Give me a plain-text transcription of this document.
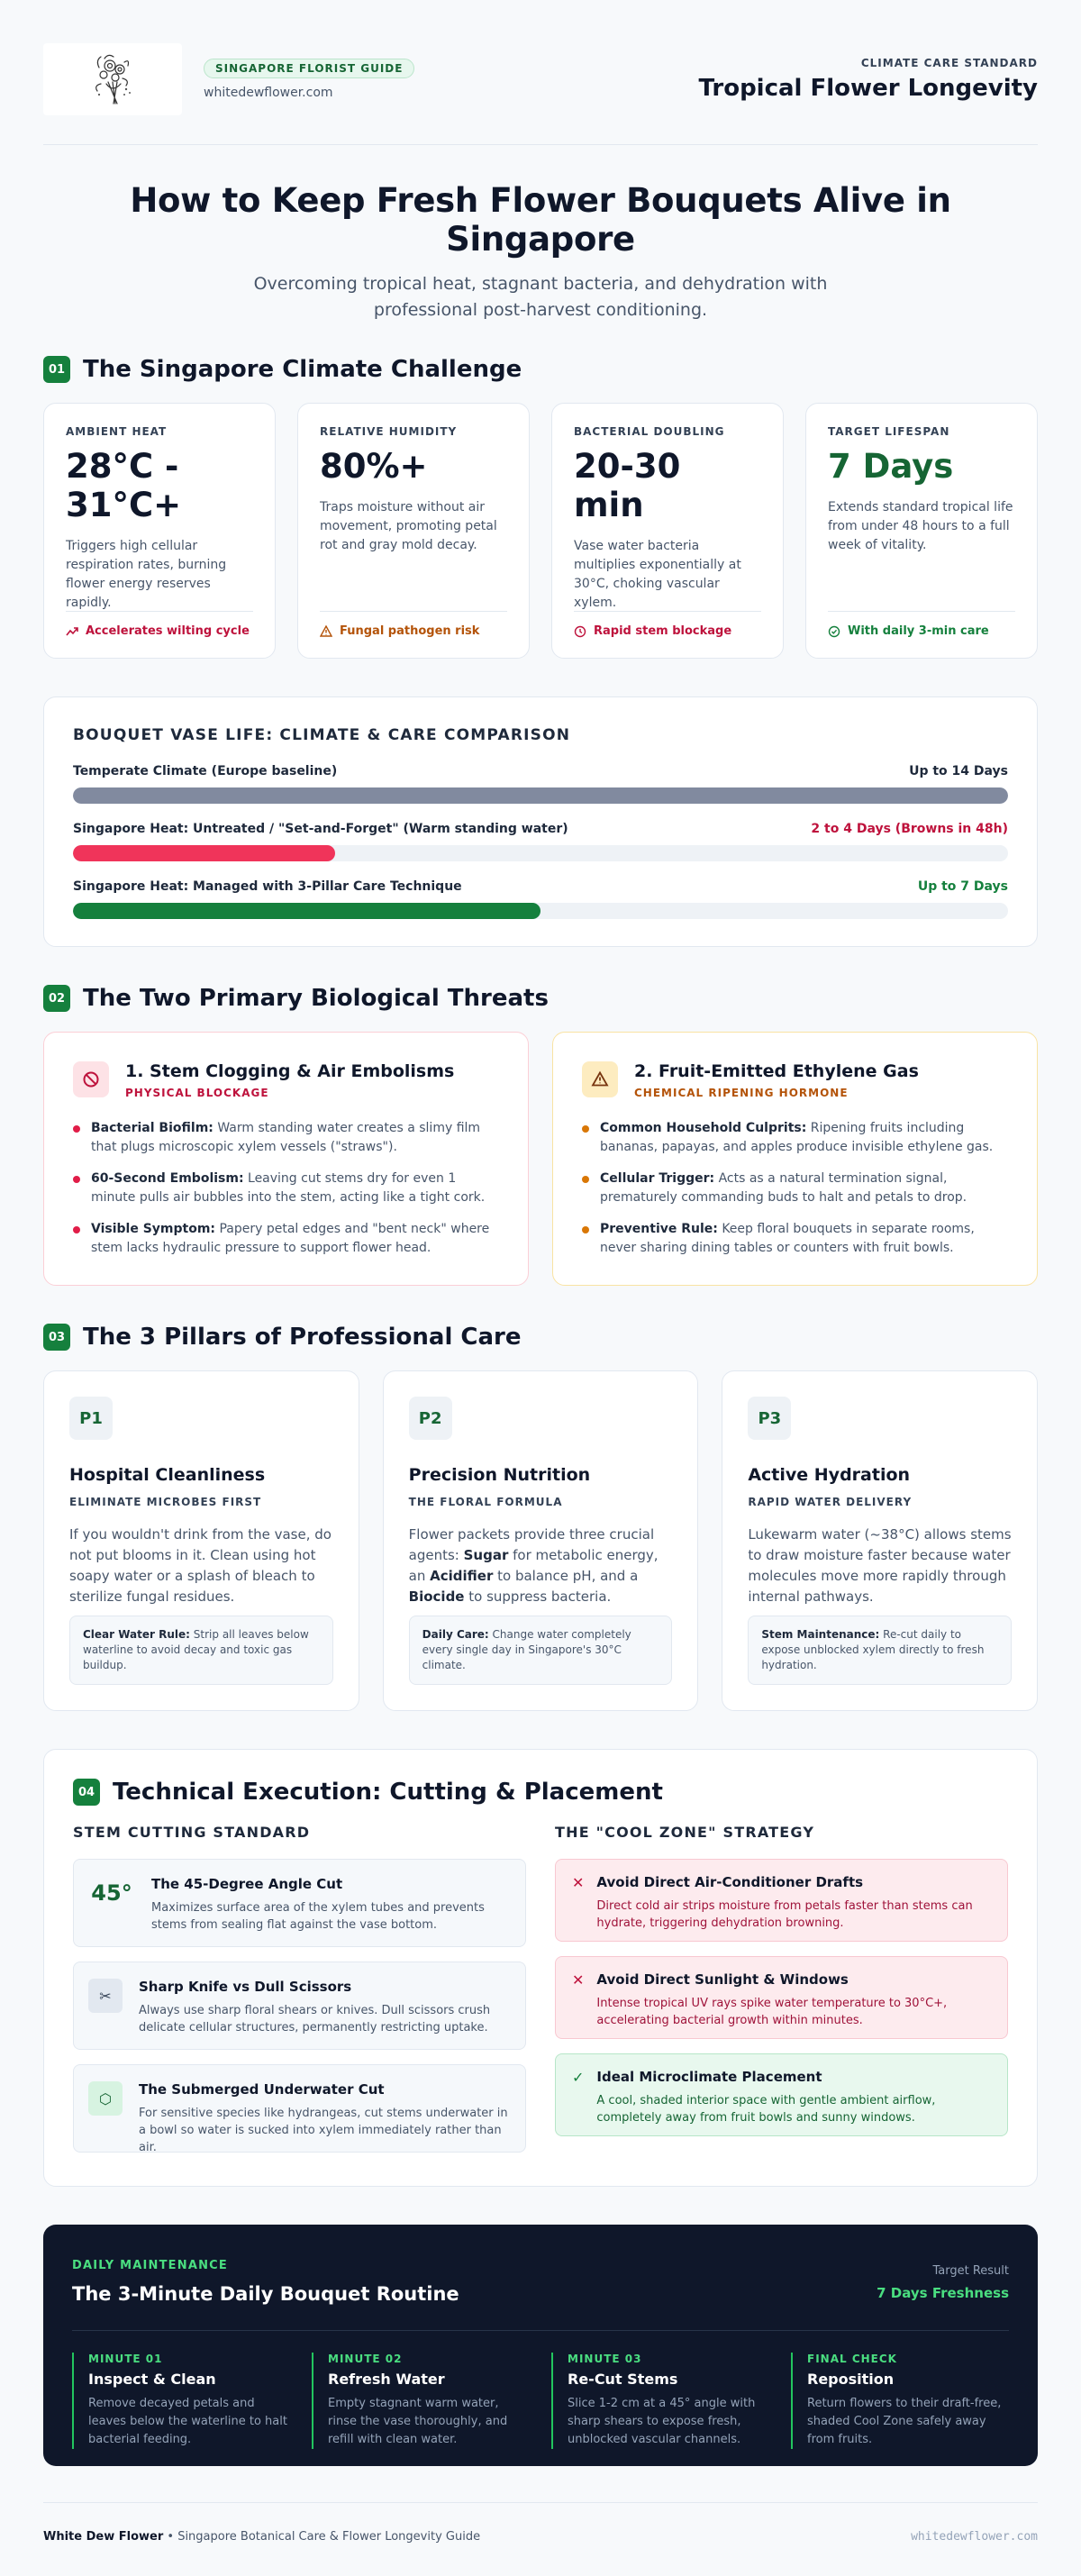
SINGAPORE FLORIST GUIDE
whitedewflower.com
CLIMATE CARE STANDARD
Tropical Flower Longevity
How to Keep Fresh Flower Bouquets Alive in Singapore

Overcoming tropical heat, stagnant bacteria, and dehydration with professional post-harvest conditioning.

01 The Singapore Climate Challenge
AMBIENT HEAT
28°C - 31°C+
Triggers high cellular respiration rates, burning flower energy reserves rapidly.
Accelerates wilting cycle
RELATIVE HUMIDITY
80%+
Traps moisture without air movement, promoting petal rot and gray mold decay.
Fungal pathogen risk
BACTERIAL DOUBLING
20-30 min
Vase water bacteria multiplies exponentially at 30°C, choking vascular xylem.
Rapid stem blockage
TARGET LIFESPAN
7 Days
Extends standard tropical life from under 48 hours to a full week of vitality.
With daily 3-min care
BOUQUET VASE LIFE: CLIMATE & CARE COMPARISON
Temperate Climate (Europe baseline)	Up to 14 Days
Singapore Heat: Untreated / "Set-and-Forget" (Warm standing water)	2 to 4 Days (Browns in 48h)
Singapore Heat: Managed with 3-Pillar Care Technique	Up to 7 Days
02 The Two Primary Biological Threats
1. Stem Clogging & Air Embolisms
PHYSICAL BLOCKAGE
Bacterial Biofilm: Warm standing water creates a slimy film that plugs microscopic xylem vessels ("straws").
60-Second Embolism: Leaving cut stems dry for even 1 minute pulls air bubbles into the stem, acting like a tight cork.
Visible Symptom: Papery petal edges and "bent neck" where stem lacks hydraulic pressure to support flower head.
2. Fruit-Emitted Ethylene Gas
CHEMICAL RIPENING HORMONE
Common Household Culprits: Ripening fruits including bananas, papayas, and apples produce invisible ethylene gas.
Cellular Trigger: Acts as a natural termination signal, prematurely commanding buds to halt and petals to drop.
Preventive Rule: Keep floral bouquets in separate rooms, never sharing dining tables or counters with fruit bowls.
03 The 3 Pillars of Professional Care
P1
Hospital Cleanliness
ELIMINATE MICROBES FIRST

If you wouldn't drink from the vase, do not put blooms in it. Clean using hot soapy water or a splash of bleach to sterilize fungal residues.

Clear Water Rule: Strip all leaves below waterline to avoid decay and toxic gas buildup.
P2
Precision Nutrition
THE FLORAL FORMULA

Flower packets provide three crucial agents: Sugar for metabolic energy, an Acidifier to balance pH, and a Biocide to suppress bacteria.

Daily Care: Change water completely every single day in Singapore's 30°C climate.
P3
Active Hydration
RAPID WATER DELIVERY

Lukewarm water (~38°C) allows stems to draw moisture faster because water molecules move more rapidly through internal pathways.

Stem Maintenance: Re-cut daily to expose unblocked xylem directly to fresh hydration.
04 Technical Execution: Cutting & Placement
STEM CUTTING STANDARD
45° The 45-Degree Angle Cut

Maximizes surface area of the xylem tubes and prevents stems from sealing flat against the vase bottom.

✂
Sharp Knife vs Dull Scissors

Always use sharp floral shears or knives. Dull scissors crush delicate cellular structures, permanently restricting uptake.

⬡
The Submerged Underwater Cut

For sensitive species like hydrangeas, cut stems underwater in a bowl so water is sucked into xylem immediately rather than air.

THE "COOL ZONE" STRATEGY
✕ Avoid Direct Air-Conditioner Drafts

Direct cold air strips moisture from petals faster than stems can hydrate, triggering dehydration browning.

✕ Avoid Direct Sunlight & Windows

Intense tropical UV rays spike water temperature to 30°C+, accelerating bacterial growth within minutes.

✓ Ideal Microclimate Placement

A cool, shaded interior space with gentle ambient airflow, completely away from fruit bowls and sunny windows.

DAILY MAINTENANCE
The 3-Minute Daily Bouquet Routine
Target Result
7 Days Freshness
MINUTE 01
Inspect & Clean

Remove decayed petals and leaves below the waterline to halt bacterial feeding.

MINUTE 02
Refresh Water

Empty stagnant warm water, rinse the vase thoroughly, and refill with clean water.

MINUTE 03
Re-Cut Stems

Slice 1-2 cm at a 45° angle with sharp shears to expose fresh, unblocked vascular channels.

FINAL CHECK
Reposition

Return flowers to their draft-free, shaded Cool Zone safely away from fruits.

White Dew Flower • Singapore Botanical Care & Flower Longevity Guide	whitedewflower.com
